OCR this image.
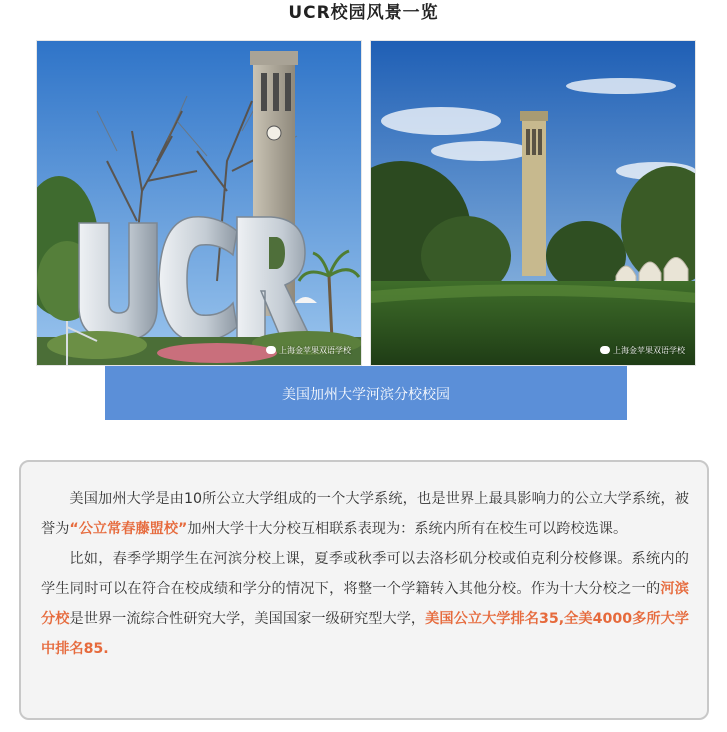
UCR校园风景一览
上海金苹果双语学校	上海金苹果双语学校
美国加州大学河滨分校校园

美国加州大学是由10所公立大学组成的一个大学系统，也是世界上最具影响力的公立大学系统，被誉为“公立常春藤盟校”加州大学十大分校互相联系表现为：系统内所有在校生可以跨校选课。

比如，春季学期学生在河滨分校上课，夏季或秋季可以去洛杉矶分校或伯克利分校修课。系统内的学生同时可以在符合在校成绩和学分的情况下，将整一个学籍转入其他分校。作为十大分校之一的河滨分校是世界一流综合性研究大学，美国国家一级研究型大学，美国公立大学排名35,全美4000多所大学中排名85.
